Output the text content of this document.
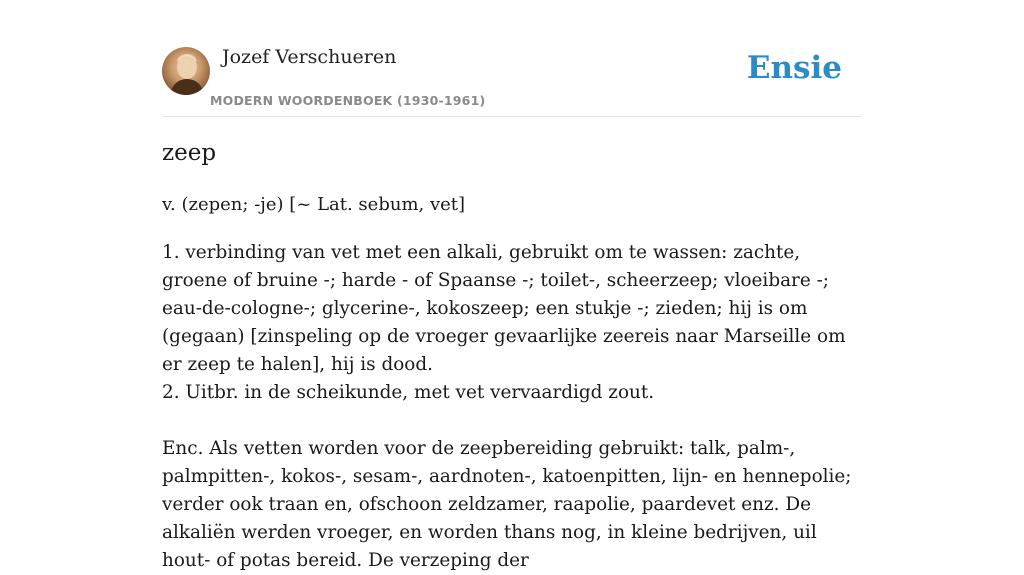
Jozef Verschueren
MODERN WOORDENBOEK (1930-1961)
Ensie
zeep
v. (zepen; -je) [~ Lat. sebum, vet]

1. verbinding van vet met een alkali, gebruikt om te wassen: zachte, groene of bruine -; harde - of Spaanse -; toilet-, scheerzeep; vloeibare -; eau-de-cologne-; glycerine-, kokoszeep; een stukje -; zieden; hij is om (gegaan) [zinspeling op de vroeger gevaarlijke zeereis naar Marseille om er zeep te halen], hij is dood.

2. Uitbr. in de scheikunde, met vet vervaardigd zout.

Enc. Als vetten worden voor de zeepbereiding gebruikt: talk, palm-, palmpitten-, kokos-, sesam-, aardnoten-, katoenpitten, lijn- en hennepolie; verder ook traan en, ofschoon zeldzamer, raapolie, paardevet enz. De alkaliën werden vroeger, en worden thans nog, in kleine bedrijven, uil hout- of potas bereid. De verzeping der
